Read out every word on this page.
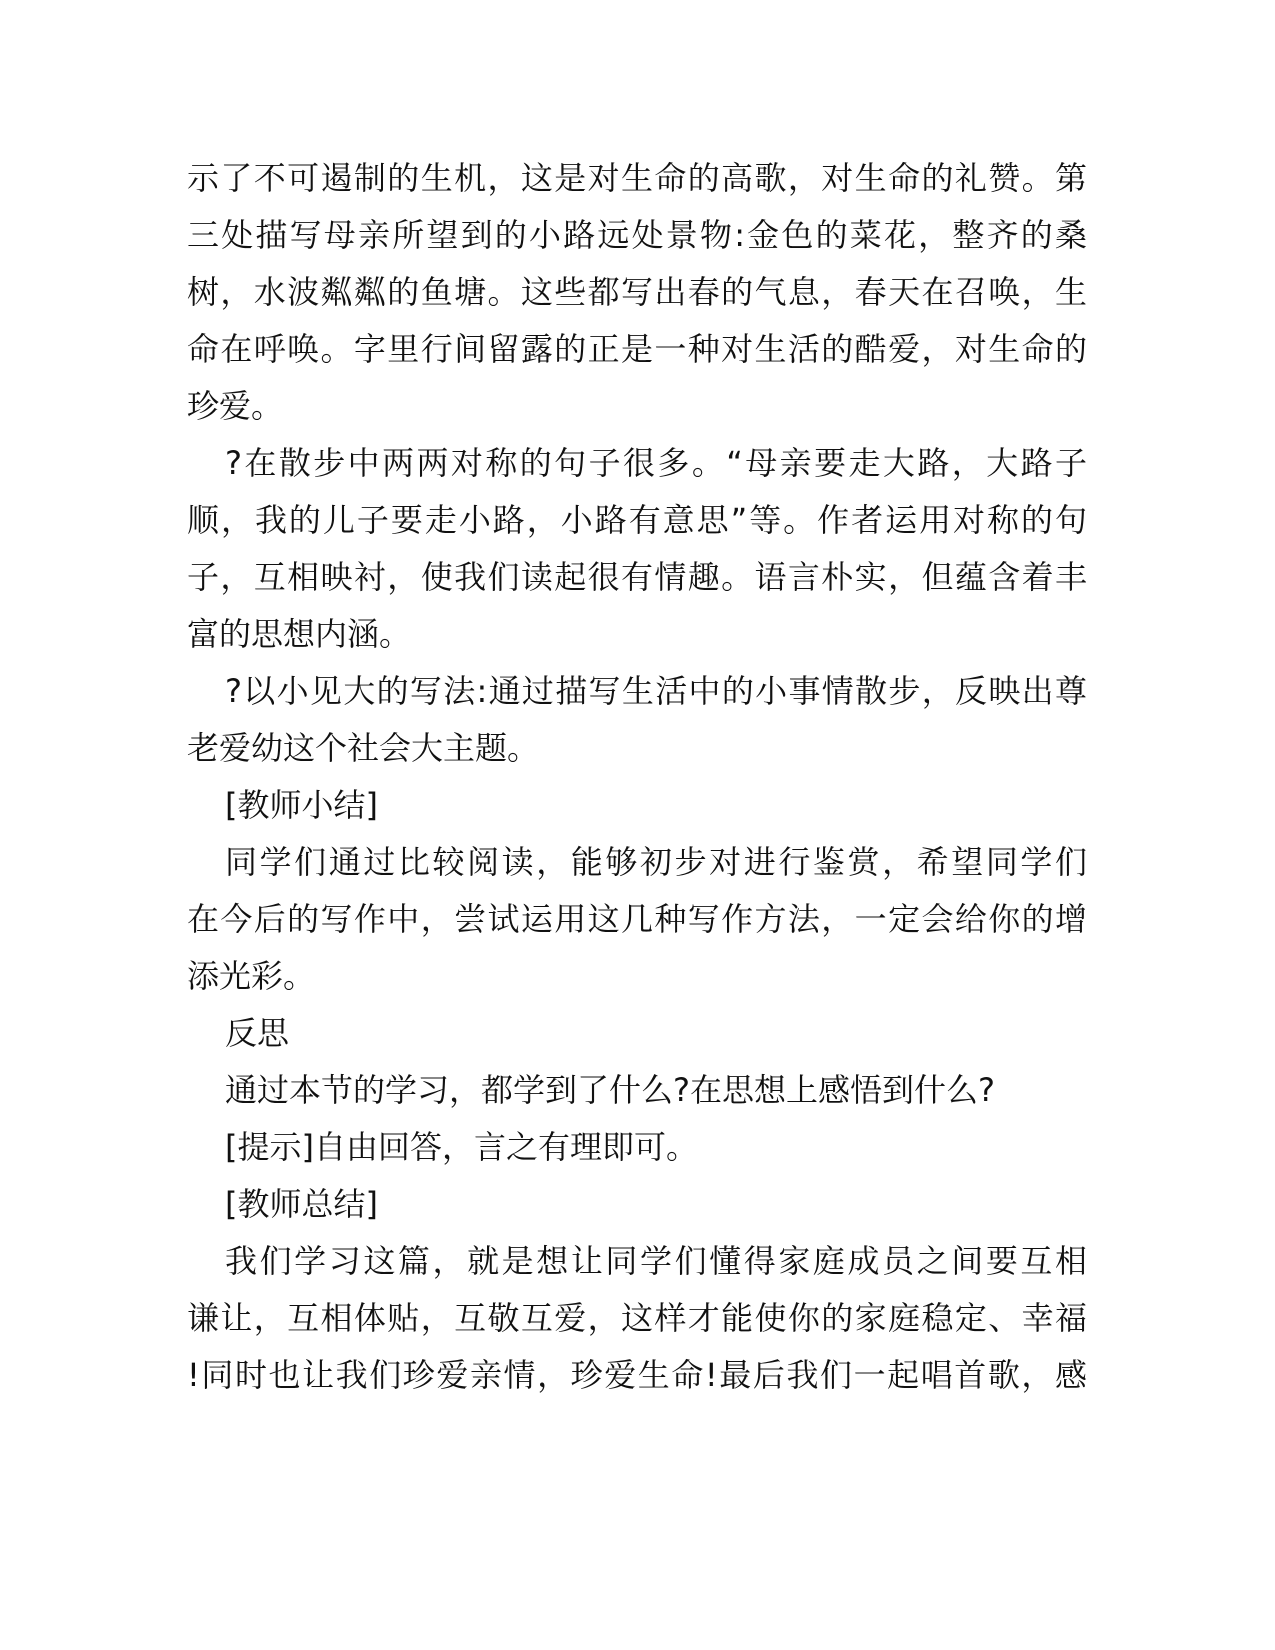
示了不可遏制的生机，这是对生命的高歌，对生命的礼赞。第
三处描写母亲所望到的小路远处景物:金色的菜花，整齐的桑
树，水波粼粼的鱼塘。这些都写出春的气息，春天在召唤，生
命在呼唤。字里行间留露的正是一种对生活的酷爱，对生命的
珍爱。
?在散步中两两对称的句子很多。“母亲要走大路，大路子
顺，我的儿子要走小路，小路有意思”等。作者运用对称的句
子，互相映衬，使我们读起很有情趣。语言朴实，但蕴含着丰
富的思想内涵。
?以小见大的写法:通过描写生活中的小事情散步，反映出尊
老爱幼这个社会大主题。
[教师小结]
同学们通过比较阅读，能够初步对进行鉴赏，希望同学们
在今后的写作中，尝试运用这几种写作方法，一定会给你的增
添光彩。
反思
通过本节的学习，都学到了什么?在思想上感悟到什么?
[提示]自由回答，言之有理即可。
[教师总结]
我们学习这篇，就是想让同学们懂得家庭成员之间要互相
谦让，互相体贴，互敬互爱，这样才能使你的家庭稳定、幸福
!同时也让我们珍爱亲情，珍爱生命!最后我们一起唱首歌，感
